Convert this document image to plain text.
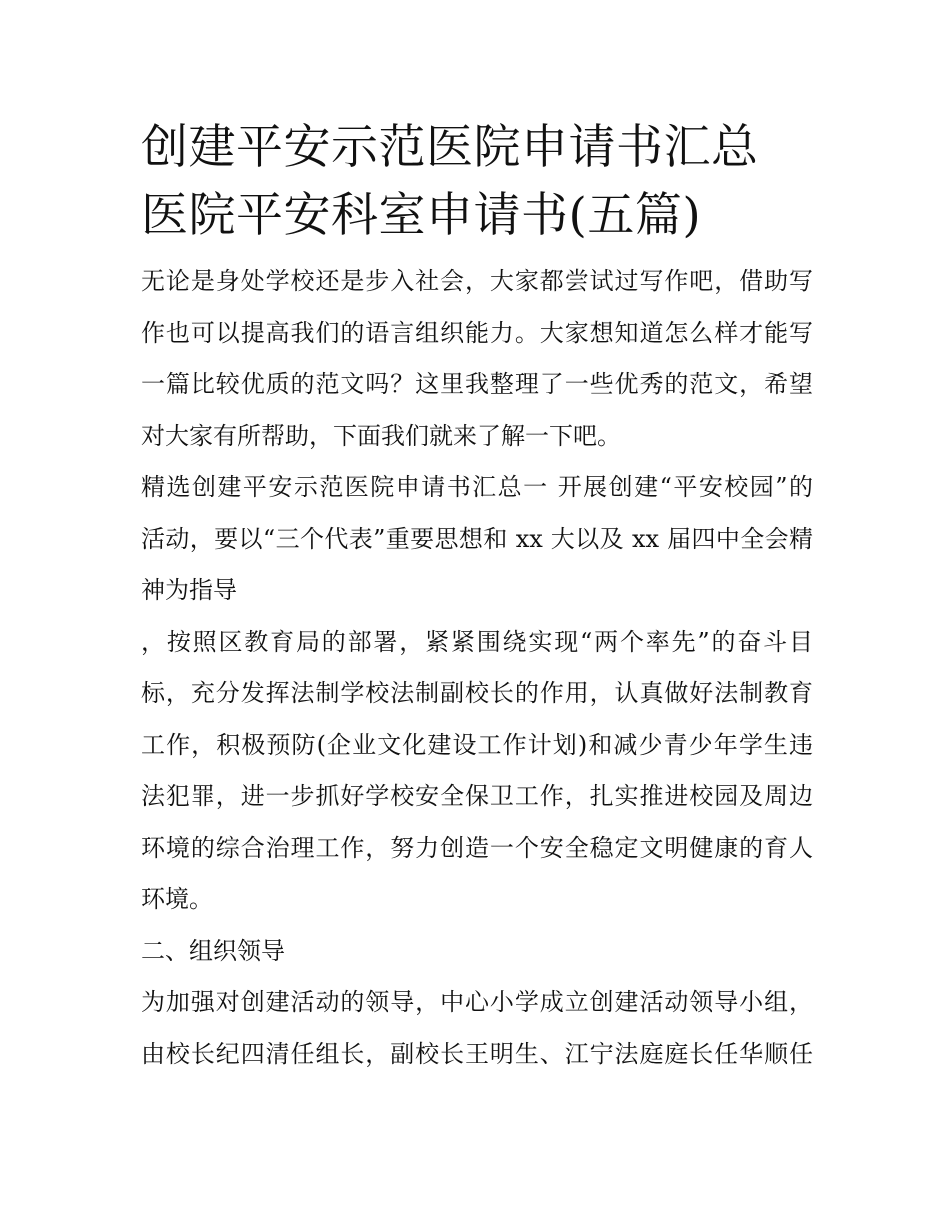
创建平安示范医院申请书汇总
医院平安科室申请书(五篇)

无论是身处学校还是步入社会，大家都尝试过写作吧，借助写
作也可以提高我们的语言组织能力。大家想知道怎么样才能写
一篇比较优质的范文吗？这里我整理了一些优秀的范文，希望
对大家有所帮助，下面我们就来了解一下吧。

精选创建平安示范医院申请书汇总一 开展创建“平安校园”的
活动，要以“三个代表”重要思想和 xx 大以及 xx 届四中全会精
神为指导

，按照区教育局的部署，紧紧围绕实现“两个率先”的奋斗目
标，充分发挥法制学校法制副校长的作用，认真做好法制教育
工作，积极预防(企业文化建设工作计划)和减少青少年学生违
法犯罪，进一步抓好学校安全保卫工作，扎实推进校园及周边
环境的综合治理工作，努力创造一个安全稳定文明健康的育人
环境。

二、组织领导

为加强对创建活动的领导，中心小学成立创建活动领导小组，
由校长纪四清任组长，副校长王明生、江宁法庭庭长任华顺任
